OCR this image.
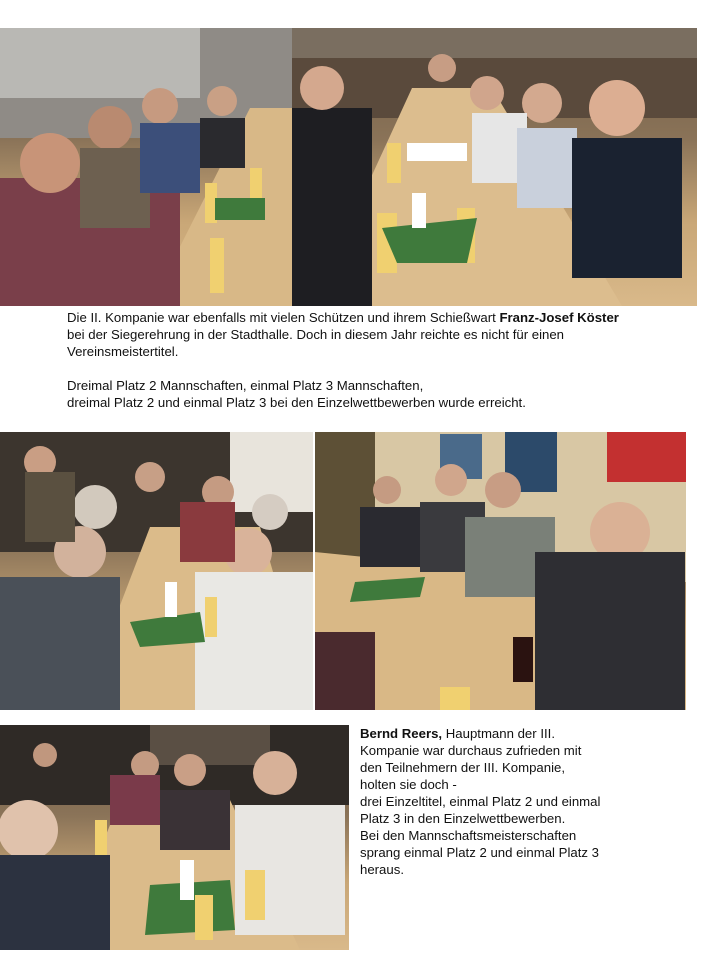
Die II. Kompanie war ebenfalls mit vielen Schützen und ihrem Schießwart Franz-Josef Köster bei der Siegerehrung in der Stadthalle. Doch in diesem Jahr reichte es nicht für einen Vereinsmeistertitel.

Dreimal Platz 2 Mannschaften, einmal Platz 3 Mannschaften,

dreimal Platz 2 und einmal Platz 3 bei den Einzelwettbewerben wurde erreicht.

Bernd Reers, Hauptmann der III.

Kompanie war durchaus zufrieden mit

den Teilnehmern der III. Kompanie,

holten sie doch -

drei Einzeltitel, einmal Platz 2 und einmal

Platz 3 in den Einzelwettbewerben.

Bei den Mannschaftsmeisterschaften

sprang einmal Platz 2 und einmal Platz 3

heraus.
